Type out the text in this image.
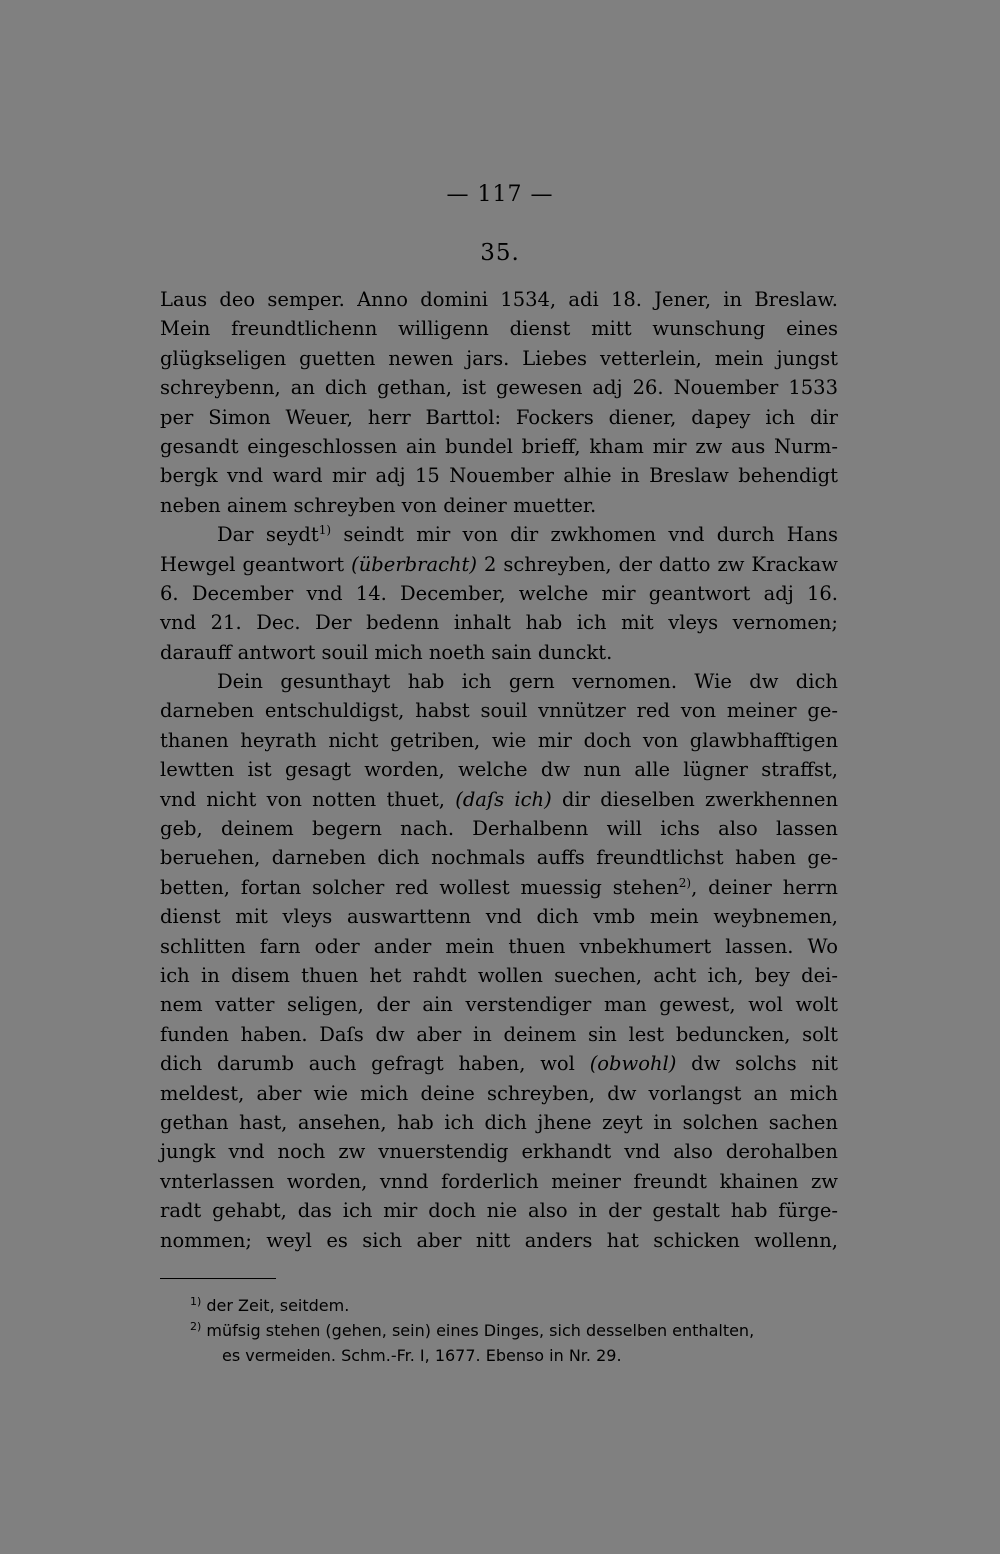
— 117 —
35.
Laus deo semper. Anno domini 1534, adi 18. Jener, in Breslaw.
Mein freundtlichenn willigenn dienst mitt wunschung eines
glügkseligen guetten newen jars. Liebes vetterlein, mein jungst
schreybenn, an dich gethan, ist gewesen adj 26. Nouember 1533
per Simon Weuer, herr Barttol: Fockers diener, dapey ich dir
gesandt eingeschlossen ain bundel brieff, kham mir zw aus Nurm-
bergk vnd ward mir adj 15 Nouember alhie in Breslaw behendigt
neben ainem schreyben von deiner muetter.
Dar seydt$^{1)}$ seindt mir von dir zwkhomen vnd durch Hans
Hewgel geantwort (überbracht) 2 schreyben, der datto zw Krackaw
6. December vnd 14. December, welche mir geantwort adj 16.
vnd 21. Dec. Der bedenn inhalt hab ich mit vleys vernomen;
darauff antwort souil mich noeth sain dunckt.
Dein gesunthayt hab ich gern vernomen. Wie dw dich
darneben entschuldigst, habst souil vnnützer red von meiner ge-
thanen heyrath nicht getriben, wie mir doch von glawbhafftigen
lewtten ist gesagt worden, welche dw nun alle lügner straffst,
vnd nicht von notten thuet, (daſs ich) dir dieselben zwerkhennen
geb, deinem begern nach. Derhalbenn will ichs also lassen
beruehen, darneben dich nochmals auffs freundtlichst haben ge-
betten, fortan solcher red wollest muessig stehen$^{2)}$, deiner herrn
dienst mit vleys auswarttenn vnd dich vmb mein weybnemen,
schlitten farn oder ander mein thuen vnbekhumert lassen. Wo
ich in disem thuen het rahdt wollen suechen, acht ich, bey dei-
nem vatter seligen, der ain verstendiger man gewest, wol wolt
funden haben. Daſs dw aber in deinem sin lest beduncken, solt
dich darumb auch gefragt haben, wol (obwohl) dw solchs nit
meldest, aber wie mich deine schreyben, dw vorlangst an mich
gethan hast, ansehen, hab ich dich jhene zeyt in solchen sachen
jungk vnd noch zw vnuerstendig erkhandt vnd also derohalben
vnterlassen worden, vnnd forderlich meiner freundt khainen zw
radt gehabt, das ich mir doch nie also in der gestalt hab fürge-
nommen; weyl es sich aber nitt anders hat schicken wollenn,
$^{1)}$ der Zeit, seitdem.
$^{2)}$ müfsig stehen (gehen, sein) eines Dinges, sich desselben enthalten,
es vermeiden. Schm.-Fr. I, 1677. Ebenso in Nr. 29.
